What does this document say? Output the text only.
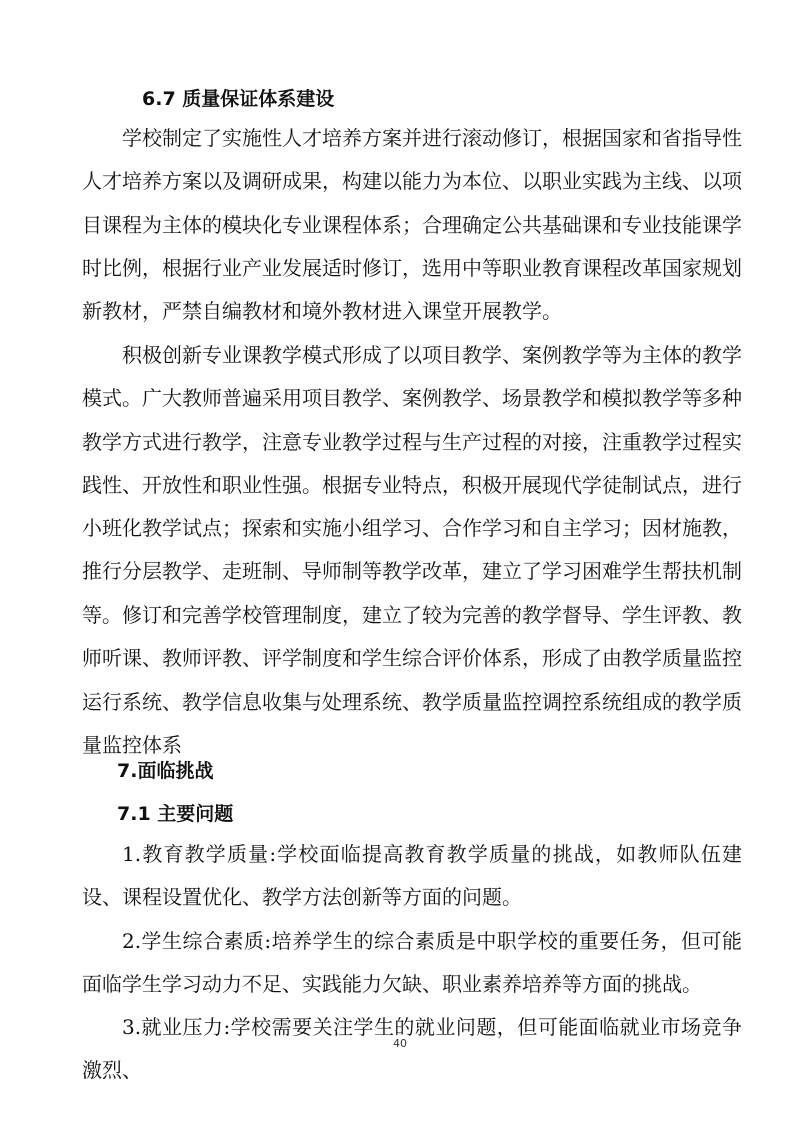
6.7 质量保证体系建设

学校制定了实施性人才培养方案并进行滚动修订，根据国家和省指导性人才培养方案以及调研成果，构建以能力为本位、以职业实践为主线、以项目课程为主体的模块化专业课程体系；合理确定公共基础课和专业技能课学时比例，根据行业产业发展适时修订，选用中等职业教育课程改革国家规划新教材，严禁自编教材和境外教材进入课堂开展教学。

积极创新专业课教学模式形成了以项目教学、案例教学等为主体的教学模式。广大教师普遍采用项目教学、案例教学、场景教学和模拟教学等多种教学方式进行教学，注意专业教学过程与生产过程的对接，注重教学过程实践性、开放性和职业性强。根据专业特点，积极开展现代学徒制试点，进行小班化教学试点；探索和实施小组学习、合作学习和自主学习；因材施教，推行分层教学、走班制、导师制等教学改革，建立了学习困难学生帮扶机制等。 修订和完善学校管理制度，建立了较为完善的教学督导、学生评教、教师听课、教师评教、评学制度和学生综合评价体系，形成了由教学质量监控运行系统、教学信息收集与处理系统、教学质量监控调控系统组成的教学质量监控体系

7.面临挑战
7.1 主要问题

1.教育教学质量:学校面临提高教育教学质量的挑战，如教师队伍建设、课程设置优化、教学方法创新等方面的问题。

2.学生综合素质:培养学生的综合素质是中职学校的重要任务，但可能面临学生学习动力不足、实践能力欠缺、职业素养培养等方面的挑战。

3.就业压力:学校需要关注学生的就业问题，但可能面临就业市场竞争激烈、

40
